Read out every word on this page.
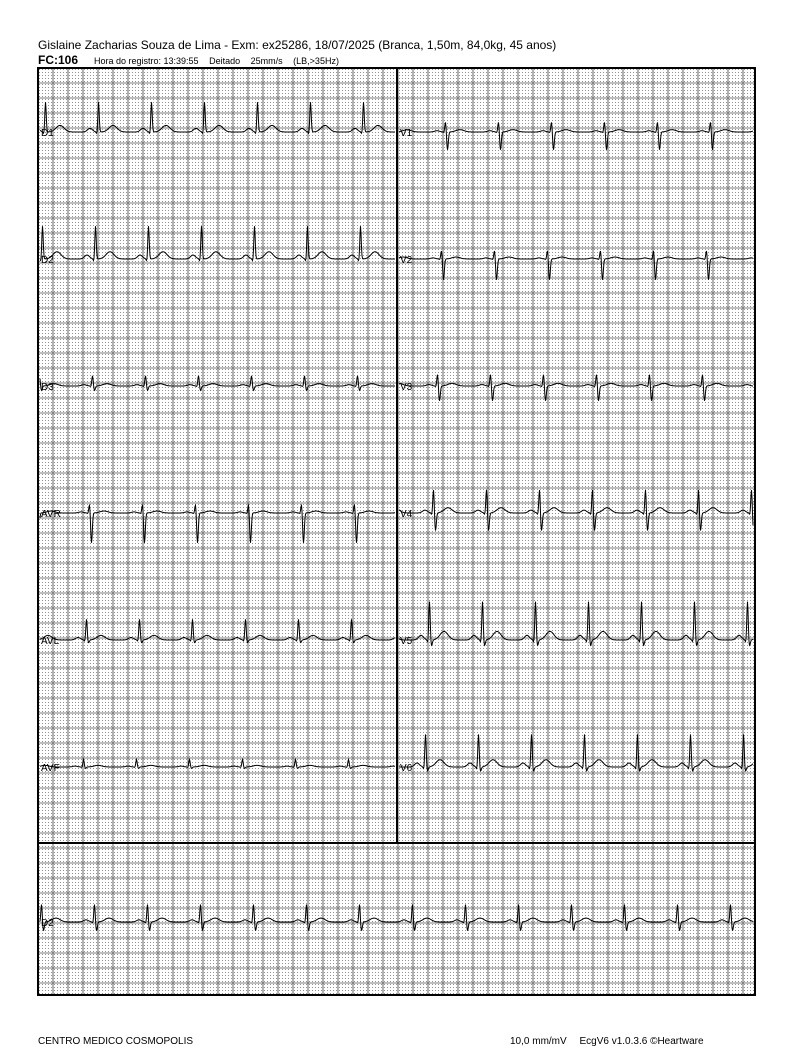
Gislaine Zacharias Souza de Lima - Exm: ex25286, 18/07/2025 (Branca, 1,50m, 84,0kg, 45 anos)
FC:106 Hora do registro: 13:39:55 Deitado 25mm/s (LB,>35Hz)
D1	V1
D2	V2
D3	V3
AVR	V4
AVL	V5
AVF	V6
D2
CENTRO MEDICO COSMOPOLIS	10,0 mm/mV EcgV6 v1.0.3.6 ©Heartware
